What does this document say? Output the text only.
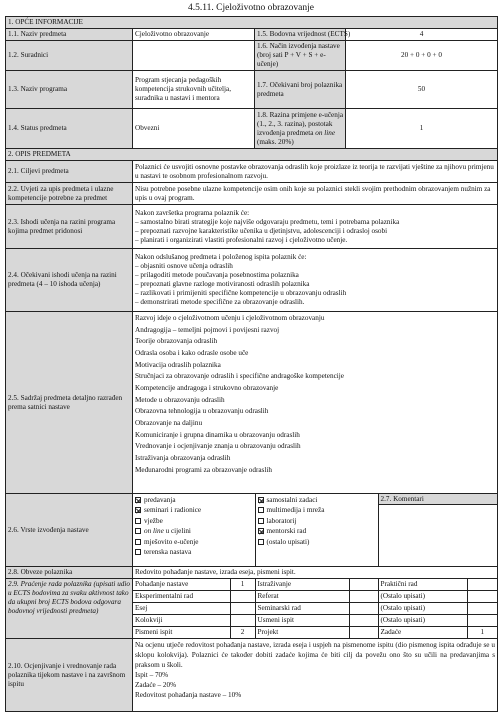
4.5.11. Cjeloživotno obrazovanje
1. OPĆE INFORMACIJE
1.1. Naziv predmeta	Cjeloživotno obrazovanje	1.5. Bodovna vrijednost (ECTS)	4
1.2. Suradnici		1.6. Način izvođenja nastave (broj sati P + V + S + e-učenje)	20 + 0 + 0 + 0
1.3. Naziv programa	Program stjecanja pedagoških kompetencija strukovnih učitelja, suradnika u nastavi i mentora	1.7. Očekivani broj polaznika predmeta	50
1.4. Status predmeta	Obvezni	1.8. Razina primjene e-učenja (1., 2., 3. razina), postotak izvođenja predmeta on line (maks. 20%)	1
2. OPIS PREDMETA
2.1. Ciljevi predmeta	Polaznici će usvojiti osnovne postavke obrazovanja odraslih koje proizlaze iz teorija te razvijati vještine za njihovu primjenu u nastavi te osobnom profesionalnom razvoju.
2.2. Uvjeti za upis predmeta i ulazne kompetencije potrebne za predmet	Nisu potrebne posebne ulazne kompetencije osim onih koje su polaznici stekli svojim prethodnim obrazovanjem nužnim za upis u ovaj program.
2.3. Ishodi učenja na razini programa kojima predmet pridonosi	
Nakon završetka programa polaznik će:
– samostalno birati strategije koje najviše odgovaraju predmetu, temi i potrebama polaznika
– prepoznati razvojne karakteristike učenika u djetinjstvu, adolescenciji i odrasloj osobi
– planirati i organizirati vlastiti profesionalni razvoj i cjeloživotno učenje.

2.4. Očekivani ishodi učenja na razini predmeta (4 – 10 ishoda učenja)	
Nakon odslušanog predmeta i položenog ispita polaznik će:
– objasniti osnove učenja odraslih
– prilagoditi metode poučavanja posebnostima polaznika
– prepoznati glavne razloge motiviranosti odraslih polaznika
– razlikovati i primijeniti specifične kompetencije u obrazovanju odraslih
– demonstrirati metode specifične za obrazovanje odraslih.

2.5. Sadržaj predmeta detaljno razrađen prema satnici nastave	
Razvoj ideje o cjeloživotnom učenju i cjeloživotnom obrazovanju
Andragogija – temeljni pojmovi i povijesni razvoj
Teorije obrazovanja odraslih
Odrasla osoba i kako odrasle osobe uče
Motivacija odraslih polaznika
Stručnjaci za obrazovanje odraslih i specifične andragoške kompetencije
Kompetencije andragoga i strukovno obrazovanje
Metode u obrazovanju odraslih
Obrazovna tehnologija u obrazovanju odraslih
Obrazovanje na daljinu
Komuniciranje i grupna dinamika u obrazovanju odraslih
Vrednovanje i ocjenjivanje znanja u obrazovanju odraslih
Istraživanja obrazovanja odraslih
Međunarodni programi za obrazovanje odraslih

2.6. Vrste izvođenja nastave	
predavanja
seminari i radionice
vježbe
on line u cijelini
mješovito e-učenje
terenska nastava

samostalni zadaci
multimedija i mreža
laboratorij
mentorski rad
(ostalo upisati)

2.7. Komentari

2.8. Obveze polaznika	Redovito pohađanje nastave, izrada eseja, pismeni ispit.
2.9. Praćenje rada polaznika (upisati udio u ECTS bodovima za svaku aktivnost tako da ukupni broj ECTS bodova odgovara bodovnoj vrijednosti predmeta)	
Pohađanje nastave	1	Istraživanje		Praktični rad	
Eksperimentalni rad		Referat		(Ostalo upisati)	
Esej		Seminarski rad		(Ostalo upisati)	
Kolokviji		Usmeni ispit		(Ostalo upisati)	
Pismeni ispit	2	Projekt		Zadaće	1

2.10. Ocjenjivanje i vrednovanje rada polaznika tijekom nastave i na završnom ispitu	
Na ocjenu utječe redovitost pohađanja nastave, izrada eseja i uspjeh na pismenome ispitu (dio pismenog ispita odrađuje se u sklopu kolokvija). Polaznici će također dobiti zadaće kojima će biti cilj da povežu ono što su učili na predavanjima s praksom u školi.
Ispit – 70%
Zadaće – 20%
Redovitost pohađanja nastave – 10%
